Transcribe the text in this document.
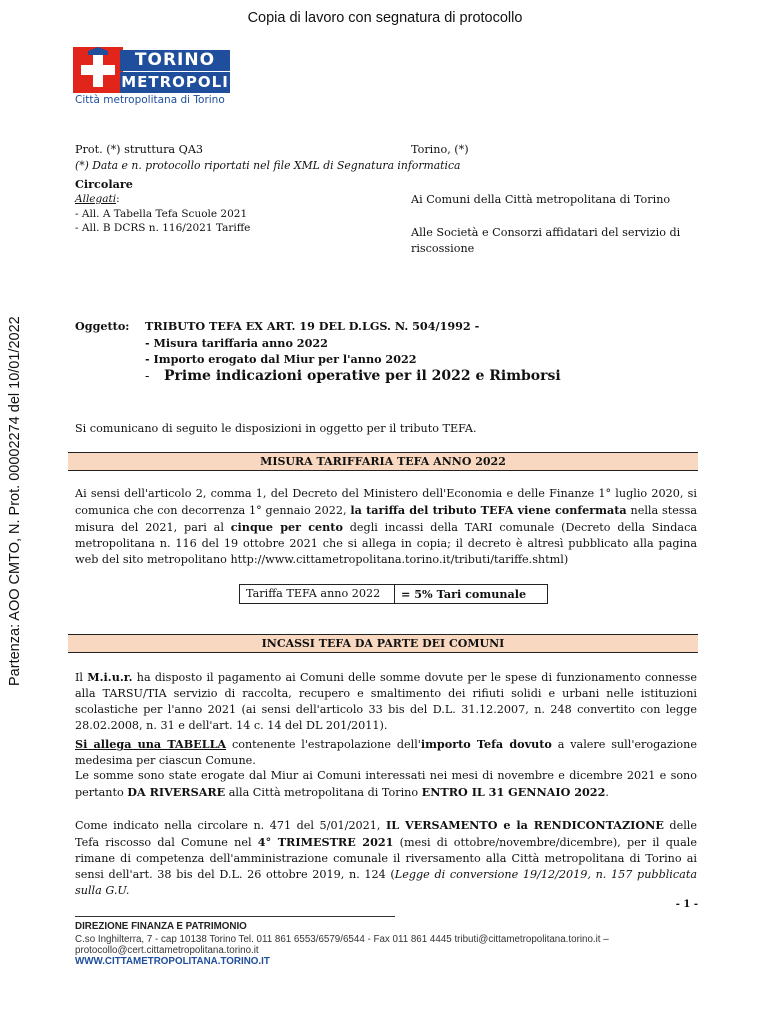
Copia di lavoro con segnatura di protocollo
TORINO
METROPOLI
Città metropolitana di Torino
Partenza: AOO CMTO, N. Prot. 00002274 del 10/01/2022
Prot. (*) struttura QA3	Torino, (*)
(*) Data e n. protocollo riportati nel file XML di Segnatura informatica
Circolare
Allegati:
- All. A Tabella Tefa Scuole 2021
- All. B DCRS n. 116/2021 Tariffe
Ai Comuni della Città metropolitana di Torino
Alle Società e Consorzi affidatari del servizio di
riscossione
Oggetto: TRIBUTO TEFA EX ART. 19 DEL D.LGS. N. 504/1992 -
- Misura tariffaria anno 2022
- Importo erogato dal Miur per l'anno 2022
- Prime indicazioni operative per il 2022 e Rimborsi
Si comunicano di seguito le disposizioni in oggetto per il tributo TEFA.
MISURA TARIFFARIA TEFA ANNO 2022
Ai sensi dell'articolo 2, comma 1, del Decreto del Ministero dell'Economia e delle Finanze 1° luglio 2020, si comunica che con decorrenza 1° gennaio 2022, la tariffa del tributo TEFA viene confermata nella stessa misura del 2021, pari al cinque per cento degli incassi della TARI comunale (Decreto della Sindaca metropolitana n. 116 del 19 ottobre 2021 che si allega in copia; il decreto è altresì pubblicato alla pagina web del sito metropolitano http://www.cittametropolitana.torino.it/tributi/tariffe.shtml)
Tariffa TEFA anno 2022	= 5% Tari comunale
INCASSI TEFA DA PARTE DEI COMUNI
Il M.i.u.r. ha disposto il pagamento ai Comuni delle somme dovute per le spese di funzionamento connesse alla TARSU/TIA servizio di raccolta, recupero e smaltimento dei rifiuti solidi e urbani nelle istituzioni scolastiche per l'anno 2021 (ai sensi dell'articolo 33 bis del D.L. 31.12.2007, n. 248 convertito con legge 28.02.2008, n. 31 e dell'art. 14 c. 14 del DL 201/2011).
Si allega una TABELLA contenente l'estrapolazione dell'importo Tefa dovuto a valere sull'erogazione medesima per ciascun Comune.
Le somme sono state erogate dal Miur ai Comuni interessati nei mesi di novembre e dicembre 2021 e sono pertanto DA RIVERSARE alla Città metropolitana di Torino ENTRO IL 31 GENNAIO 2022.
Come indicato nella circolare n. 471 del 5/01/2021, IL VERSAMENTO e la RENDICONTAZIONE delle Tefa riscosso dal Comune nel 4° TRIMESTRE 2021 (mesi di ottobre/novembre/dicembre), per il quale rimane di competenza dell'amministrazione comunale il riversamento alla Città metropolitana di Torino ai sensi dell'art. 38 bis del D.L. 26 ottobre 2019, n. 124 (Legge di conversione 19/12/2019, n. 157 pubblicata sulla G.U.
- 1 -
DIREZIONE FINANZA E PATRIMONIO
C.so Inghilterra, 7 - cap 10138 Torino Tel. 011 861 6553/6579/6544 - Fax 011 861 4445 tributi@cittametropolitana.torino.it –
protocollo@cert.cittametropolitana.torino.it
WWW.CITTAMETROPOLITANA.TORINO.IT
